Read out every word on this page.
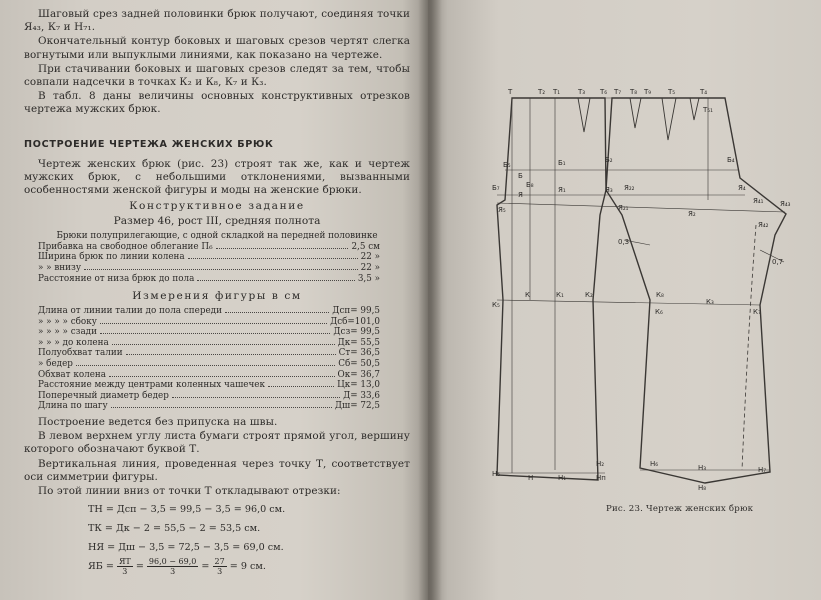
Шаговый срез задней половинки брюк получают, соединяя точки Я₄₃, К₇ и Н₇₁.

Окончательный контур боковых и шаговых срезов чертят слегка вогнутыми или выпуклыми линиями, как показано на чертеже.

При стачивании боковых и шаговых срезов следят за тем, чтобы совпали надсечки в точках К₂ и К₈, К₇ и К₃.

В табл. 8 даны величины основных конструктивных отрезков чертежа мужских брюк.

ПОСТРОЕНИЕ ЧЕРТЕЖА ЖЕНСКИХ БРЮК

Чертеж женских брюк (рис. 23) строят так же, как и чертеж мужских брюк, с небольшими отклонениями, вызванными особенностями женской фигуры и моды на женские брюки.

Конструктивное задание
Размер 46, рост III, средняя полнота
Брюки полуприлегающие, с одной складкой на передней половинке
Прибавка на свободное облегание П₆	2,5 см
Ширина брюк по линии колена	22 »
» » внизу	22 »
Расстояние от низа брюк до пола	3,5 »
Измерения фигуры в см
Длина от линии талии до пола спереди	Дсп= 99,5
» » » » сбоку	Дсб=101,0
» » » » сзади	Дсз= 99,5
» » » до колена	Дк= 55,5
Полуобхват талии	Ст= 36,5
» бедер	Сб= 50,5
Обхват колена	Ок= 36,7
Расстояние между центрами коленных чашечек	Цк= 13,0
Поперечный диаметр бедер	Д= 33,6
Длина по шагу	Дш= 72,5

Построение ведется без припуска на швы.

В левом верхнем углу листа бумаги строят прямой угол, вершину которого обозначают буквой Т.

Вертикальная линия, проведенная через точку Т, соответствует оси симметрии фигуры.

По этой линии вниз от точки Т откладывают отрезки:

ТН = Дсп − 3,5 = 99,5 − 3,5 = 96,0 см.
ТК = Дк − 2 = 55,5 − 2 = 53,5 см.
НЯ = Дш − 3,5 = 72,5 − 3,5 = 69,0 см.
ЯБ = $\frac{ЯТ}{3} = \frac{96,0 - 69,0}{3} = \frac{27}{3} = 9$ см.
Т	Т₂ Т₁	Т₃ Т₆ Т₇ Т₈ Т₉ Т₅	Т₄
Т₅₁
Б₅
Б
Б₁	Б₂	Б₄
Б₇	Б₈
Я
Я₁	Я₃ Я₂₂
Я₂₁
Я₂
Я₅
Я₄
Я₄₁ Я₄₃
Я₄₂
0,3
0,7
К₅
К	К₁	К₂	К₈
К₆
К₃
К₇
Н₅	Н	Н₁
Н₂
Нп
Н₆	Н₃
Н₈
Н₇
Рис. 23. Чертеж женских брюк
